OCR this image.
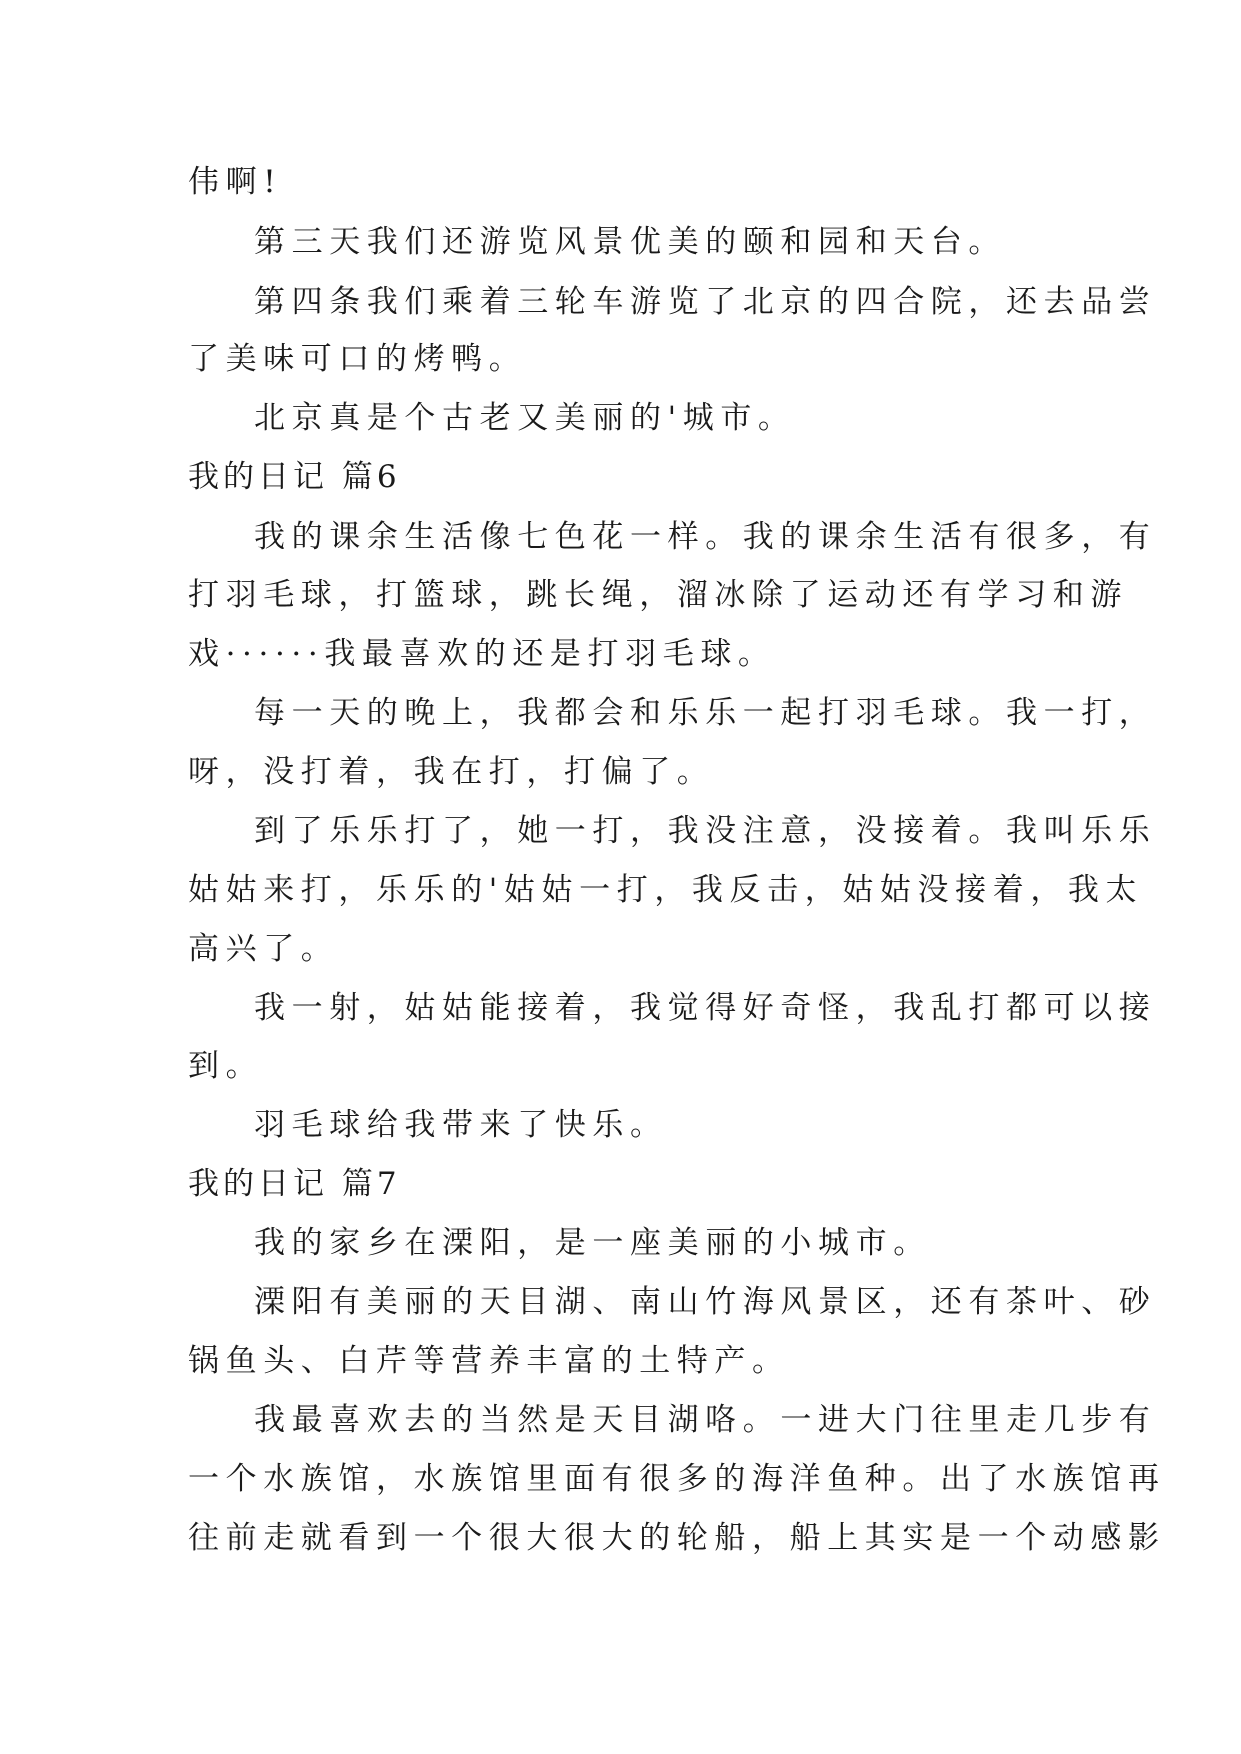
伟啊!
第三天我们还游览风景优美的颐和园和天台。
第四条我们乘着三轮车游览了北京的四合院，还去品尝
了美味可口的烤鸭。
北京真是个古老又美丽的'城市。
我的日记 篇6
我的课余生活像七色花一样。我的课余生活有很多，有
打羽毛球，打篮球，跳长绳，溜冰除了运动还有学习和游
戏······我最喜欢的还是打羽毛球。
每一天的晚上，我都会和乐乐一起打羽毛球。我一打，
呀，没打着，我在打，打偏了。
到了乐乐打了，她一打，我没注意，没接着。我叫乐乐
姑姑来打，乐乐的'姑姑一打，我反击，姑姑没接着，我太
高兴了。
我一射，姑姑能接着，我觉得好奇怪，我乱打都可以接
到。
羽毛球给我带来了快乐。
我的日记 篇7
我的家乡在溧阳，是一座美丽的小城市。
溧阳有美丽的天目湖、南山竹海风景区，还有茶叶、砂
锅鱼头、白芹等营养丰富的土特产。
我最喜欢去的当然是天目湖咯。一进大门往里走几步有
一个水族馆，水族馆里面有很多的海洋鱼种。出了水族馆再
往前走就看到一个很大很大的轮船，船上其实是一个动感影
